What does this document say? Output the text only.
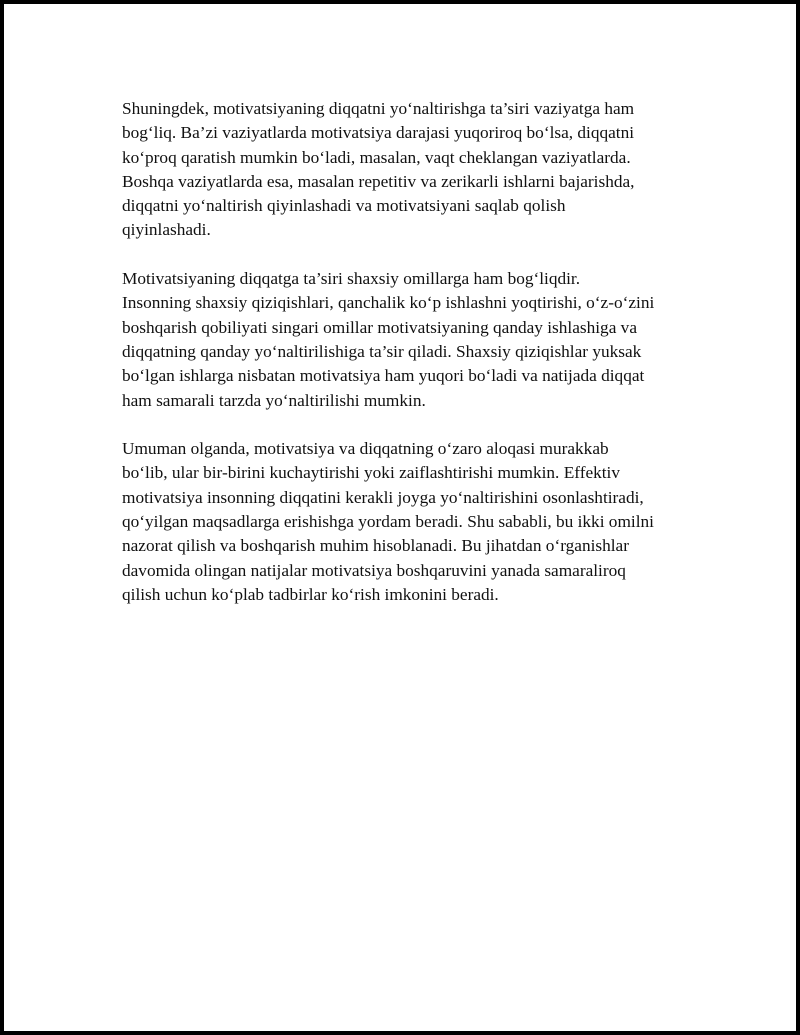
Shuningdek, motivatsiyaning diqqatni yo‘naltirishga ta’siri vaziyatga ham
bog‘liq. Ba’zi vaziyatlarda motivatsiya darajasi yuqoriroq bo‘lsa, diqqatni
ko‘proq qaratish mumkin bo‘ladi, masalan, vaqt cheklangan vaziyatlarda.
Boshqa vaziyatlarda esa, masalan repetitiv va zerikarli ishlarni bajarishda,
diqqatni yo‘naltirish qiyinlashadi va motivatsiyani saqlab qolish
qiyinlashadi.

Motivatsiyaning diqqatga ta’siri shaxsiy omillarga ham bog‘liqdir.
Insonning shaxsiy qiziqishlari, qanchalik ko‘p ishlashni yoqtirishi, o‘z-o‘zini
boshqarish qobiliyati singari omillar motivatsiyaning qanday ishlashiga va
diqqatning qanday yo‘naltirilishiga ta’sir qiladi. Shaxsiy qiziqishlar yuksak
bo‘lgan ishlarga nisbatan motivatsiya ham yuqori bo‘ladi va natijada diqqat
ham samarali tarzda yo‘naltirilishi mumkin.

Umuman olganda, motivatsiya va diqqatning o‘zaro aloqasi murakkab
bo‘lib, ular bir-birini kuchaytirishi yoki zaiflashtirishi mumkin. Effektiv
motivatsiya insonning diqqatini kerakli joyga yo‘naltirishini osonlashtiradi,
qo‘yilgan maqsadlarga erishishga yordam beradi. Shu sababli, bu ikki omilni
nazorat qilish va boshqarish muhim hisoblanadi. Bu jihatdan o‘rganishlar
davomida olingan natijalar motivatsiya boshqaruvini yanada samaraliroq
qilish uchun ko‘plab tadbirlar ko‘rish imkonini beradi.
